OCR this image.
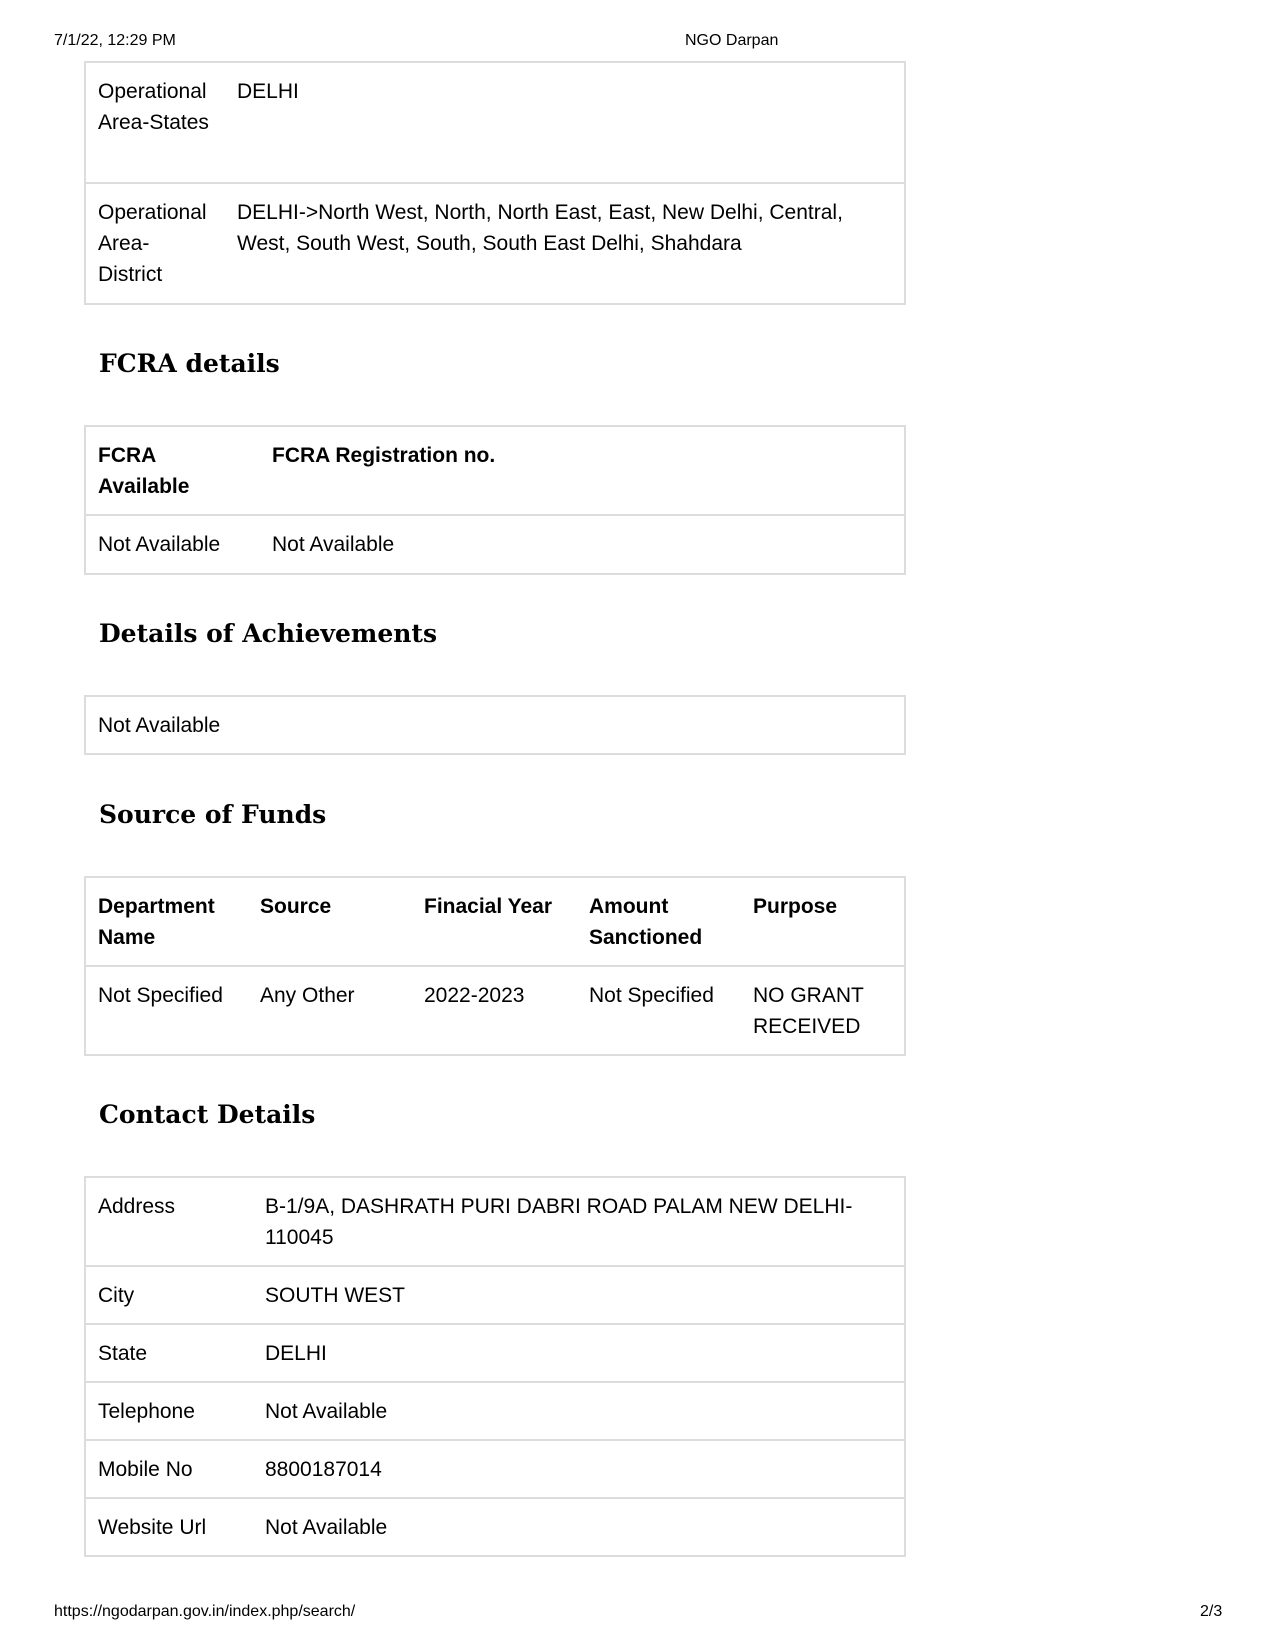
7/1/22, 12:29 PM	NGO Darpan
Operational Area-States	DELHI
Operational Area-District	DELHI->North West, North, North East, East, New Delhi, Central, West, South West, South, South East Delhi, Shahdara
FCRA details
FCRA Available	FCRA Registration no.
Not Available	Not Available
Details of Achievements
Not Available
Source of Funds
Department Name	Source	Finacial Year	Amount Sanctioned	Purpose
Not Specified	Any Other	2022-2023	Not Specified	NO GRANT RECEIVED
Contact Details
Address	B-1/9A, DASHRATH PURI DABRI ROAD PALAM NEW DELHI-110045
City	SOUTH WEST
State	DELHI
Telephone	Not Available
Mobile No	8800187014
Website Url	Not Available
https://ngodarpan.gov.in/index.php/search/	2/3
